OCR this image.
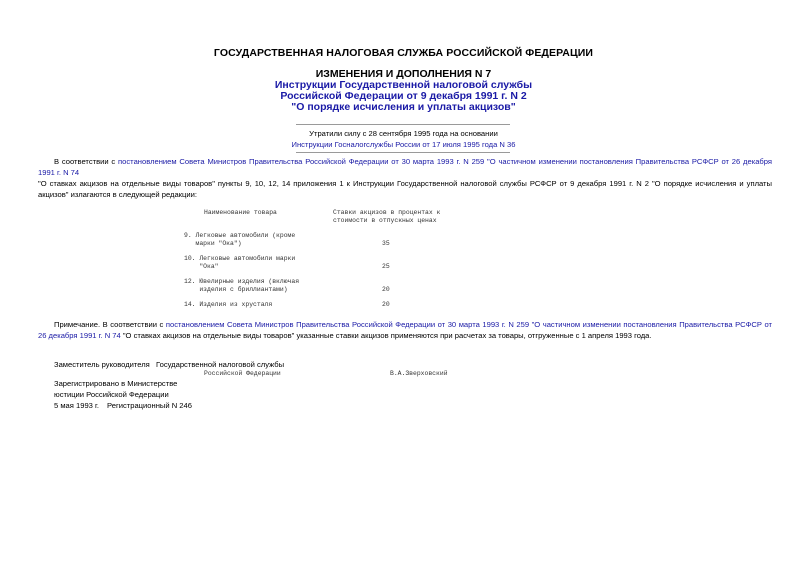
ГОСУДАРСТВЕННАЯ НАЛОГОВАЯ СЛУЖБА РОССИЙСКОЙ ФЕДЕРАЦИИ
ИЗМЕНЕНИЯ И ДОПОЛНЕНИЯ N 7
Инструкции Государственной налоговой службы
Российской Федерации от 9 декабря 1991 г. N 2
"О порядке исчисления и уплаты акцизов"
Утратили силу с 28 сентября 1995 года на основании
Инструкции Госналогслужбы России от 17 июля 1995 года N 36
В соответствии с постановлением Совета Министров Правительства Российской Федерации от 30 марта 1993 г. N 259 "О частичном изменении постановления Правительства РСФСР от 26 декабря 1991 г. N 74
"О ставках акцизов на отдельные виды товаров" пункты 9, 10, 12, 14 приложения 1 к Инструкции Государственной налоговой службы РСФСР от 9 декабря 1991 г. N 2 "О порядке исчисления и уплаты акцизов" излагаются в следующей редакции:
Наименование товара	Ставки акцизов в процентах к
стоимости в отпускных ценах
9. Легковые автомобили (кроме
марки "Ока")	35
10. Легковые автомобили марки
"Ока"	25
12. Ювелирные изделия (включая
изделия с бриллиантами)	20
14. Изделия из хрусталя	20
Примечание. В соответствии с постановлением Совета Министров Правительства Российской Федерации от 30 марта 1993 г. N 259 "О частичном изменении постановления Правительства РСФСР от 26 декабря 1991 г. N 74 "О ставках акцизов на отдельные виды товаров" указанные ставки акцизов применяются при расчетах за товары, отгруженные с 1 апреля 1993 года.
Заместитель руководителя Государственной налоговой службы
Российской Федерации	В.А.Зверховский
Зарегистрировано в Министерстве
юстиции Российской Федерации
5 мая 1993 г. Регистрационный N 246
